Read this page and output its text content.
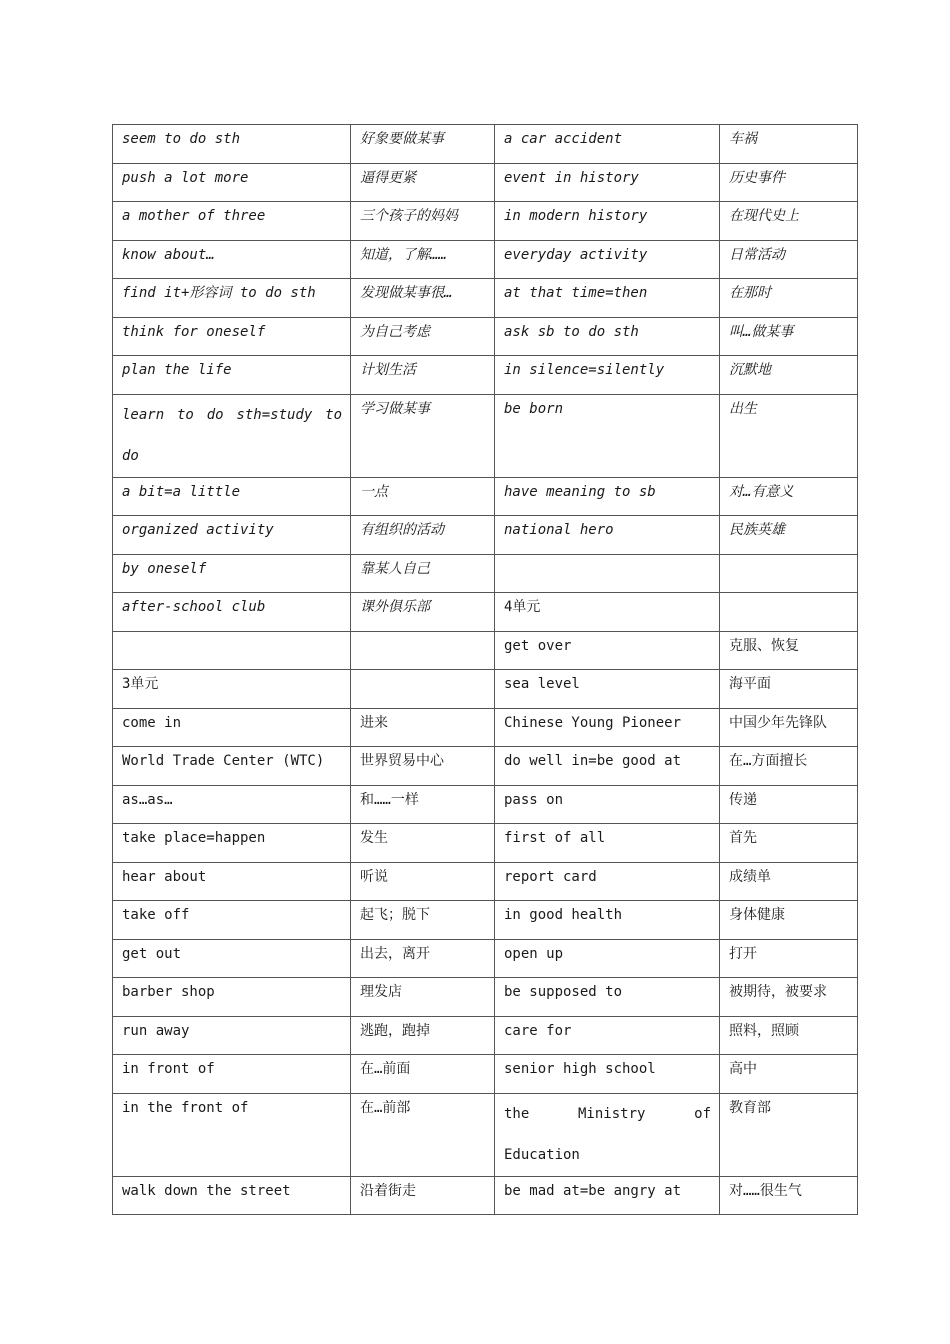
seem to do sth	好象要做某事	a car accident	车祸
push a lot more	逼得更紧	event in history	历史事件
a mother of three	三个孩子的妈妈	in modern history	在现代史上
know about…	知道，了解……	everyday activity	日常活动
find it+形容词 to do sth	发现做某事很…	at that time=then	在那时
think for oneself	为自己考虑	ask sb to do sth	叫…做某事
plan the life	计划生活	in silence=silently	沉默地
learn to do sth=study to do	学习做某事	be born	出生
a bit=a little	一点	have meaning to sb	对…有意义
organized activity	有组织的活动	national hero	民族英雄
by oneself	靠某人自己		
after-school club	课外俱乐部	4单元	
		get over	克服、恢复
3单元		sea level	海平面
come in	进来	Chinese Young Pioneer	中国少年先锋队
World Trade Center (WTC)	世界贸易中心	do well in=be good at	在…方面擅长
as…as…	和……一样	pass on	传递
take place=happen	发生	first of all	首先
hear about	听说	report card	成绩单
take off	起飞；脱下	in good health	身体健康
get out	出去，离开	open up	打开
barber shop	理发店	be supposed to	被期待，被要求
run away	逃跑，跑掉	care for	照料，照顾
in front of	在…前面	senior high school	高中
in the front of	在…前部	the Ministry of Education	教育部
walk down the street	沿着街走	be mad at=be angry at	对……很生气
